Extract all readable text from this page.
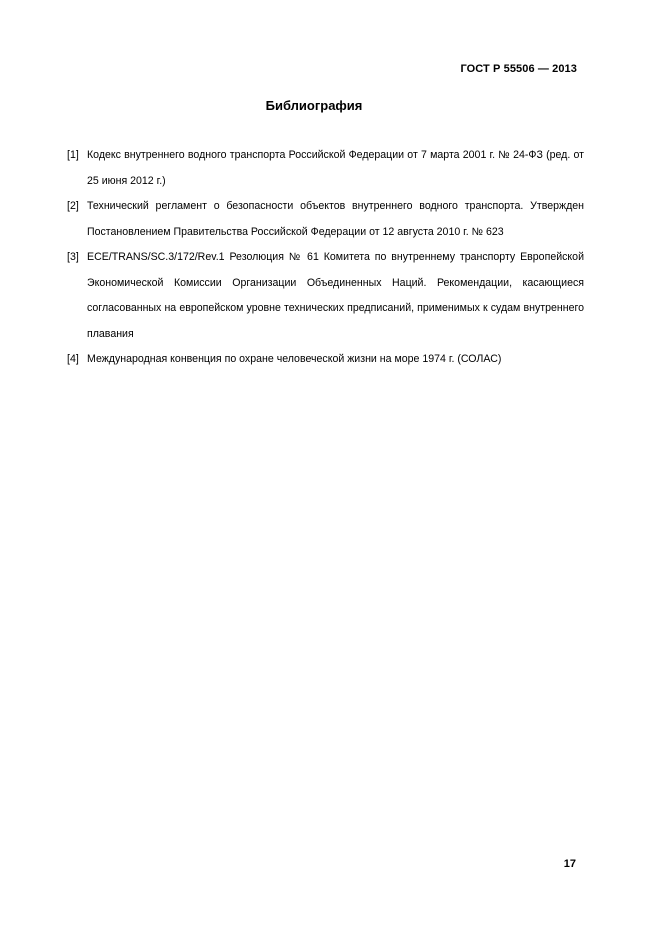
ГОСТ Р 55506 — 2013
Библиография
[1] Кодекс внутреннего водного транспорта Российской Федерации от 7 марта 2001 г. № 24-ФЗ (ред. от 25 июня 2012 г.)
[2] Технический регламент о безопасности объектов внутреннего водного транспорта. Утвержден Постановлением Правительства Российской Федерации от 12 августа 2010 г. № 623
[3] ECE/TRANS/SC.3/172/Rev.1 Резолюция № 61 Комитета по внутреннему транспорту Европейской Экономической Комиссии Организации Объединенных Наций. Рекомендации, касающиеся согласованных на европейском уровне технических предписаний, применимых к судам внутреннего плавания
[4] Международная конвенция по охране человеческой жизни на море 1974 г. (СОЛАС)
17
